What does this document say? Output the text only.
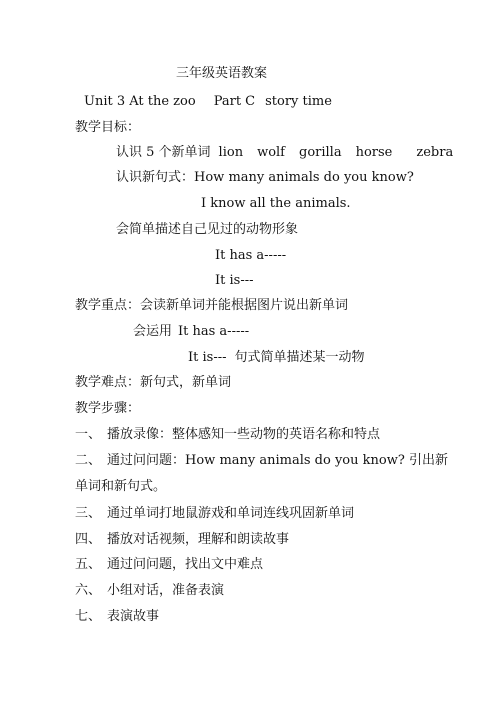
三年级英语教案
Unit 3 At the zoo Part C story time
教学目标：
认识 5 个新单词 lion wolf gorilla horse zebra
认识新句式：How many animals do you know?
I know all the animals.
会简单描述自己见过的动物形象
It has a-----
It is---
教学重点：会读新单词并能根据图片说出新单词
会运用 It has a-----
It is--- 句式简单描述某一动物
教学难点：新句式，新单词
教学步骤：
一、 播放录像：整体感知一些动物的英语名称和特点
二、 通过问问题：How many animals do you know? 引出新
单词和新句式。
三、 通过单词打地鼠游戏和单词连线巩固新单词
四、 播放对话视频，理解和朗读故事
五、 通过问问题，找出文中难点
六、 小组对话，准备表演
七、 表演故事
